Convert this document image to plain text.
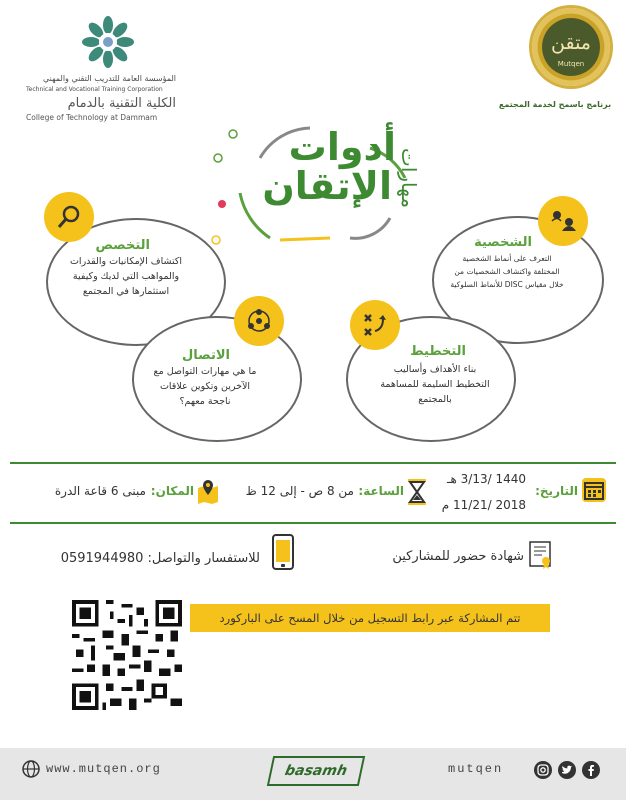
متقن
Mutqen
برنامج باسمح لخدمة المجتمع
المؤسسة العامة للتدريب التقني والمهني
Technical and Vocational Training Corporation
الكلية التقنية بالدمام
College of Technology at Dammam
مهارات
أدوات
الإتقان
التخصص
اكتشاف الإمكانيات والقدرات والمواهب التي لديك وكيفية استثمارها في المجتمع
الشخصية
التعرف على أنماط الشخصية المختلفة واكتشاف الشخصيات من خلال مقياس DISC للأنماط السلوكية
الاتصال
ما هي مهارات التواصل مع الآخرين وتكوين علاقات ناجحة معهم؟
التخطيط
بناء الأهداف وأساليب التخطيط السليمة للمساهمة بالمجتمع
التاريخ:
1440 /3/13 هـ
2018 /11/21 م
الساعة:
من 8 ص - إلى 12 ظ
المكان:
مبنى 6 قاعة الدرة
شهادة حضور للمشاركين
للاستفسار والتواصل: 0591944980
تتم المشاركة عبر رابط التسجيل من خلال المسح على الباركورد
www.mutqen.org	basamh	mutqen
